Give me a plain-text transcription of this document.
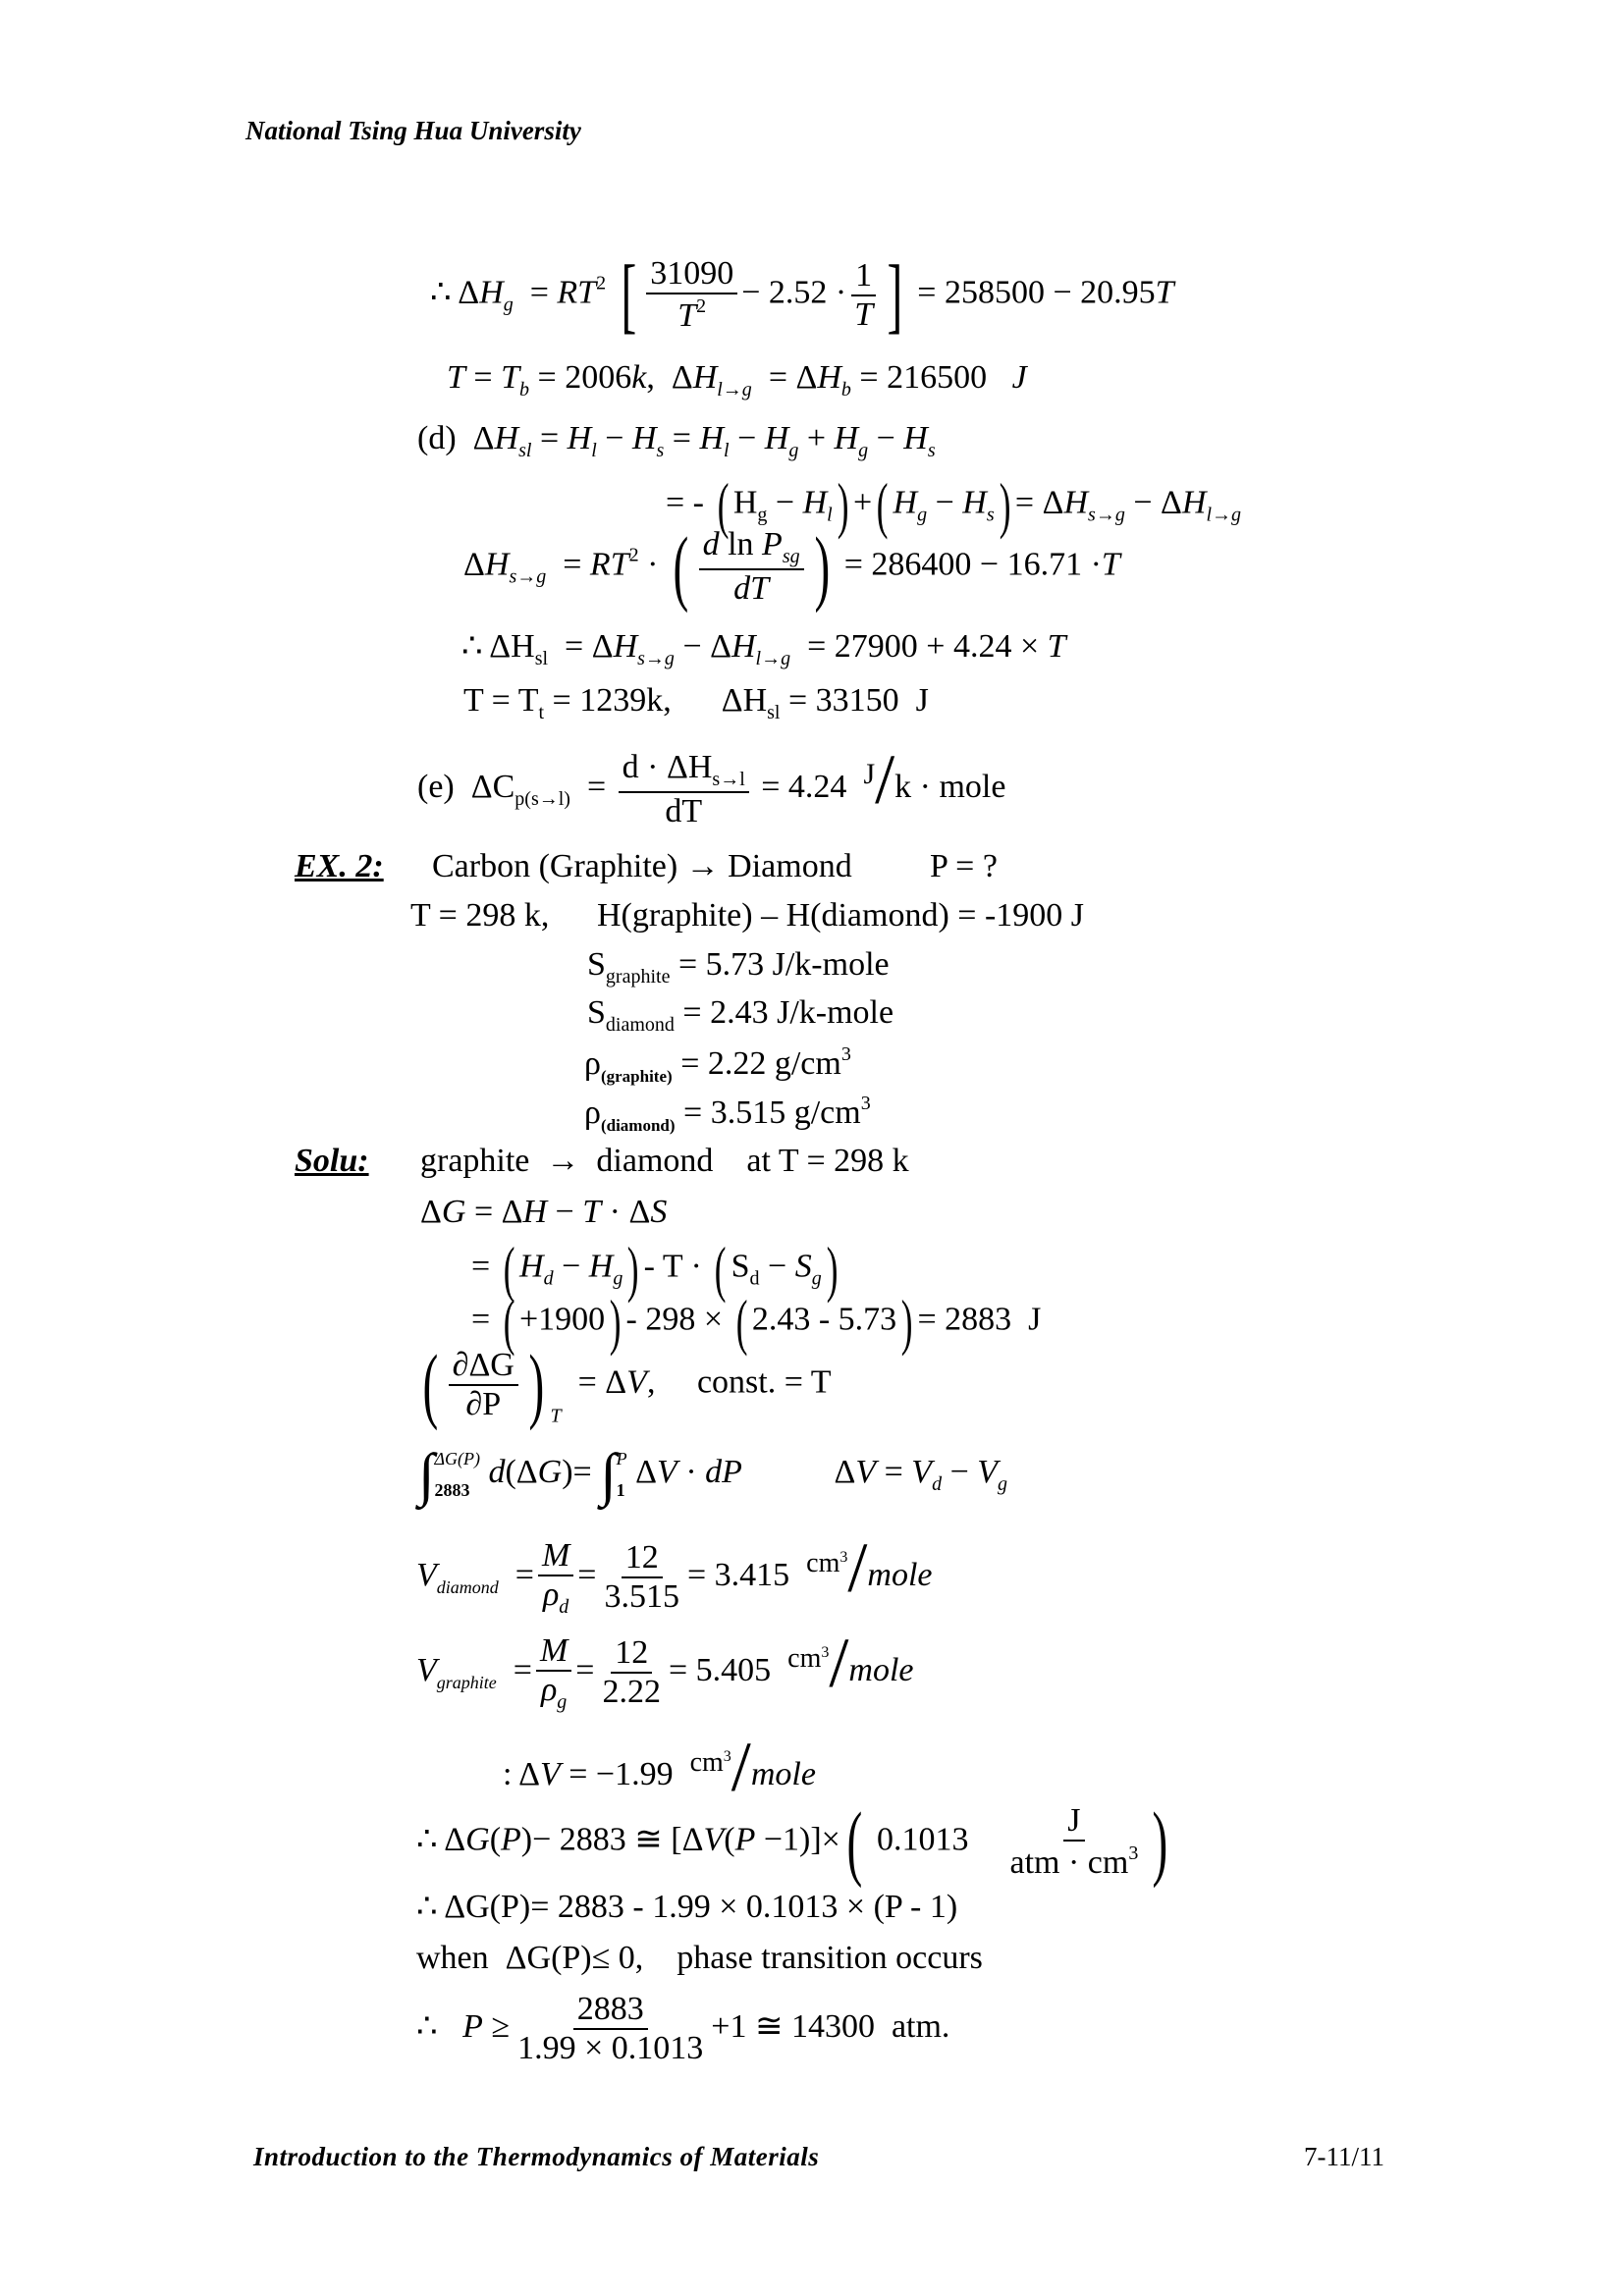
National Tsing Hua University
∴ $\Delta H_g = RT^2$ [ $\frac{31090}{T^2} - 2.52 \cdot \frac{1}{T}$ ] = 258500 − 20.95T
$T = T_b = 2006k$,  $\Delta H_{l\to g} = \Delta H_b = 216500$   J
(d)  $\Delta H_{sl} = H_l - H_s = H_l - H_g + H_g - H_s$
= - ( $H_g - H_l$) +( $H_g - H_s) = \Delta H_{s\to g} - \Delta H_{l\to g}$
$\Delta H_{s\to g} = RT^2$ · ( $\frac{d \ln P_{sg}}{dT}$ ) = 286400 − 16.71 ·T
∴ $\Delta H_{sl} = \Delta H_{s\to g} - \Delta H_{l\to g} = 27900 + 4.24 \times T$
$T = T_t = 1239k$,      $\Delta H_{sl} = 33150$  J
(e)  $\Delta C_{p(s\to l)} = \frac{d \cdot \Delta H_{s\to l}}{dT} = 4.24$  J/k · mole
EX. 2: Carbon (Graphite) → Diamond P = ?
T = 298 k, H(graphite) – H(diamond) = -1900 J
$S_{graphite} = 5.73$ J/k-mole
$S_{diamond} = 2.43$ J/k-mole
$\rho_{(graphite)} = 2.22$ $g/cm^3$
$\rho_{(diamond)} = 3.515$ $g/cm^3$
Solu: graphite  →  diamond at T = 298 k
ΔG = ΔH − T · ΔS
= ( $H_d - H_g) - T$ · ( $S_d - S_g$)
= ( +1900) - 298 × ( 2.43 - 5.73) = 2883  J
( $\frac{\partial\Delta G}{\partial P}$ ) $_T$  = ΔV,     const. = T
∫ ΔG(P)
2883
d(ΔG)= ∫ P
1
ΔV · dP           $\Delta V = V_d - V_g$
$V_{diamond} = \frac{M}{\rho_d} = \frac{12}{3.515} = 3.415$  $^{cm^3}$/mole
$V_{graphite} = \frac{M}{\rho_g} = \frac{12}{2.22} = 5.405$  $^{cm^3}$/mole
: ΔV = −1.99  $^{cm^3}$/mole
∴ ΔG(P)− 2883 ≅ [ΔV(P −1)]×( $0.1013 \frac{J}{atm \cdot cm^3}$ )
∴ ΔG(P)= 2883 - 1.99 × 0.1013 × (P - 1)
when  ΔG(P)≤ 0,    phase transition occurs
∴   $P \ge \frac{2883}{1.99 \times 0.1013} +1$ ≅ 14300  atm.
Introduction to the Thermodynamics of Materials	7-11/11
